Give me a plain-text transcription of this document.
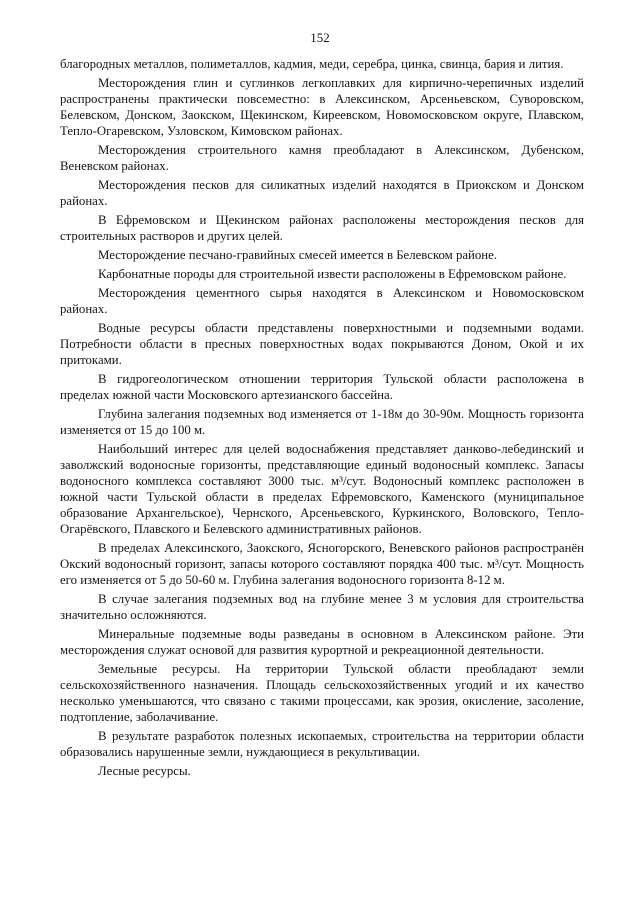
152

благородных металлов, полиметаллов, кадмия, меди, серебра, цинка, свинца, бария и лития.

Месторождения глин и суглинков легкоплавких для кирпично-черепичных изделий распространены практически повсеместно: в Алексинском, Арсеньевском, Суворовском, Белевском, Донском, Заокском, Щекинском, Киреевском, Новомосковском округе, Плавском, Тепло-Огаревском, Узловском, Кимовском районах.

Месторождения строительного камня преобладают в Алексинском, Дубенском, Веневском районах.

Месторождения песков для силикатных изделий находятся в Приокском и Донском районах.

В Ефремовском и Щекинском районах расположены месторождения песков для строительных растворов и других целей.

Месторождение песчано-гравийных смесей имеется в Белевском районе.

Карбонатные породы для строительной извести расположены в Ефремовском районе.

Месторождения цементного сырья находятся в Алексинском и Новомосковском районах.

Водные ресурсы области представлены поверхностными и подземными водами. Потребности области в пресных поверхностных водах покрываются Доном, Окой и их притоками.

В гидрогеологическом отношении территория Тульской области расположена в пределах южной части Московского артезианского бассейна.

Глубина залегания подземных вод изменяется от 1-18м до 30-90м. Мощность горизонта изменяется от 15 до 100 м.

Наибольший интерес для целей водоснабжения представляет данково-лебединский и заволжский водоносные горизонты, представляющие единый водоносный комплекс. Запасы водоносного комплекса составляют 3000 тыс. м³/сут. Водоносный комплекс расположен в южной части Тульской области в пределах Ефремовского, Каменского (муниципальное образование Архангельское), Чернского, Арсеньевского, Куркинского, Воловского, Тепло-Огарёвского, Плавского и Белевского административных районов.

В пределах Алексинского, Заокского, Ясногорского, Веневского районов распространён Окский водоносный горизонт, запасы которого составляют порядка 400 тыс. м³/сут. Мощность его изменяется от 5 до 50-60 м. Глубина залегания водоносного горизонта 8-12 м.

В случае залегания подземных вод на глубине менее 3 м условия для строительства значительно осложняются.

Минеральные подземные воды разведаны в основном в Алексинском районе. Эти месторождения служат основой для развития курортной и рекреационной деятельности.

Земельные ресурсы. На территории Тульской области преобладают земли сельскохозяйственного назначения. Площадь сельскохозяйственных угодий и их качество несколько уменьшаются, что связано с такими процессами, как эрозия, окисление, засоление, подтопление, заболачивание.

В результате разработок полезных ископаемых, строительства на территории области образовались нарушенные земли, нуждающиеся в рекультивации.

Лесные ресурсы.
